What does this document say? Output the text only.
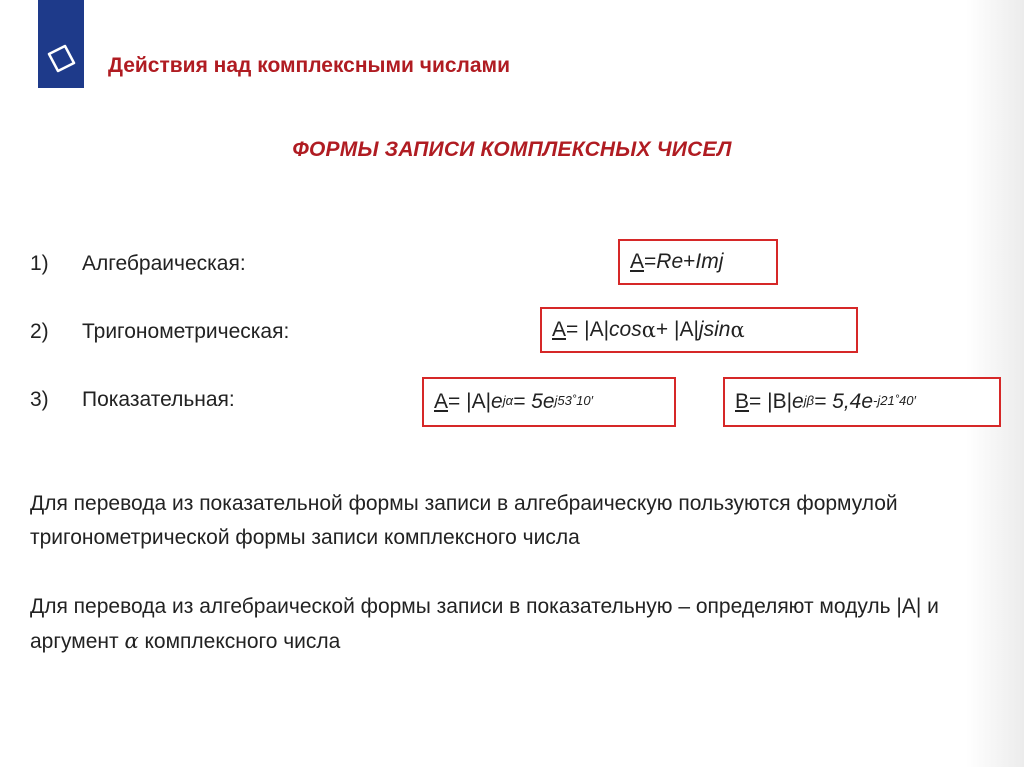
Действия над комплексными числами
ФОРМЫ ЗАПИСИ КОМПЛЕКСНЫХ ЧИСЕЛ
1) Алгебраическая:
2) Тригонометрическая:
3) Показательная:
A = Re + Imj
A = |A| cos α + |A| jsin α
A = |A| e $^{j\alpha}$ = 5 e $^{j53˚10'}$	B = |B| e $^{j\beta}$ = 5,4 e $^{-j21˚40'}$
Для перевода из показательной формы записи в алгебраическую пользуются формулой тригонометрической формы записи комплексного числа
Для перевода из алгебраической формы записи в показательную – определяют модуль |A| и аргумент α комплексного числа
